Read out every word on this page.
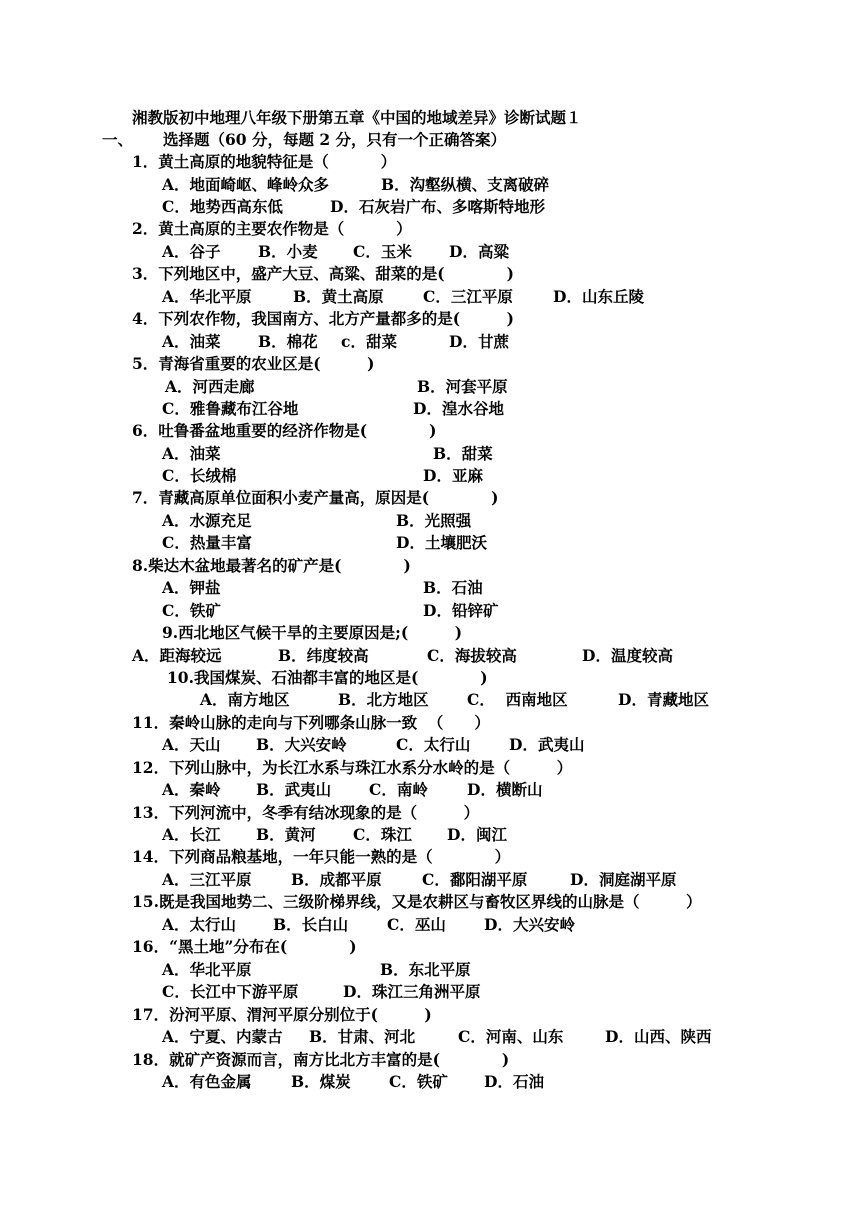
湘教版初中地理八年级下册第五章《中国的地域差异》诊断试题１
一、 选择题（60 分，每题 2 分，只有一个正确答案）
1．黄土高原的地貌特征是（ 　　　）
A．地面崎岖、峰岭众多	B．沟壑纵横、支离破碎
C．地势西高东低	D．石灰岩广布、多喀斯特地形
2．黄土高原的主要农作物是（ 　　　）
A．谷子 B．小麦 C．玉米 D．高粱
3．下列地区中，盛产大豆、高粱、甜菜的是(　　　　)
A．华北平原	B．黄土高原	C．三江平原	D．山东丘陵
4．下列农作物，我国南方、北方产量都多的是(　　　)
A．油菜 B．棉花 c．甜菜	D．甘蔗
5．青海省重要的农业区是(　　　)
A．河西走廊	B．河套平原
C．雅鲁藏布江谷地	D．湟水谷地
6．吐鲁番盆地重要的经济作物是(　　　　)
A．油菜	B．甜菜
C．长绒棉	D．亚麻
7．青藏高原单位面积小麦产量高，原因是(　　　　)
A．水源充足	B．光照强
C．热量丰富	D．土壤肥沃
8.柴达木盆地最著名的矿产是(　　　　)
A．钾盐	B．石油
C．铁矿	D．铅锌矿
9.西北地区气候干旱的主要原因是;(　　　)
A．距海较远	B．纬度较高	C．海拔较高	D．温度较高
10.我国煤炭、石油都丰富的地区是(　　　　)
A．南方地区	B．北方地区 C．  西南地区	D．青藏地区
11．秦岭山脉的走向与下列哪条山脉一致  （　　）
A．天山 B．大兴安岭	C．太行山 D．武夷山
12．下列山脉中，为长江水系与珠江水系分水岭的是（　　　）
A．秦岭 B．武夷山 C．南岭	D．横断山
13．下列河流中，冬季有结冰现象的是（　　　）
A．长江 B．黄河 C．珠江 D．闽江
14．下列商品粮基地，一年只能一熟的是（　　　　）
A．三江平原	B．成都平原	C．鄱阳湖平原	D．洞庭湖平原
15.既是我国地势二、三级阶梯界线，又是农耕区与畜牧区界线的山脉是（　　　）
A．太行山 B．长白山	C．巫山 D．大兴安岭
16．“黑土地”分布在(　　　　)
A．华北平原	B．东北平原
C．长江中下游平原	D．珠江三角洲平原
17．汾河平原、渭河平原分别位于(　　　)
A．宁夏、内蒙古 B．甘肃、河北	C．河南、山东	D．山西、陕西
18．就矿产资源而言，南方比北方丰富的是(　　　　)
A．有色金属	B．煤炭 C．铁矿 D．石油
